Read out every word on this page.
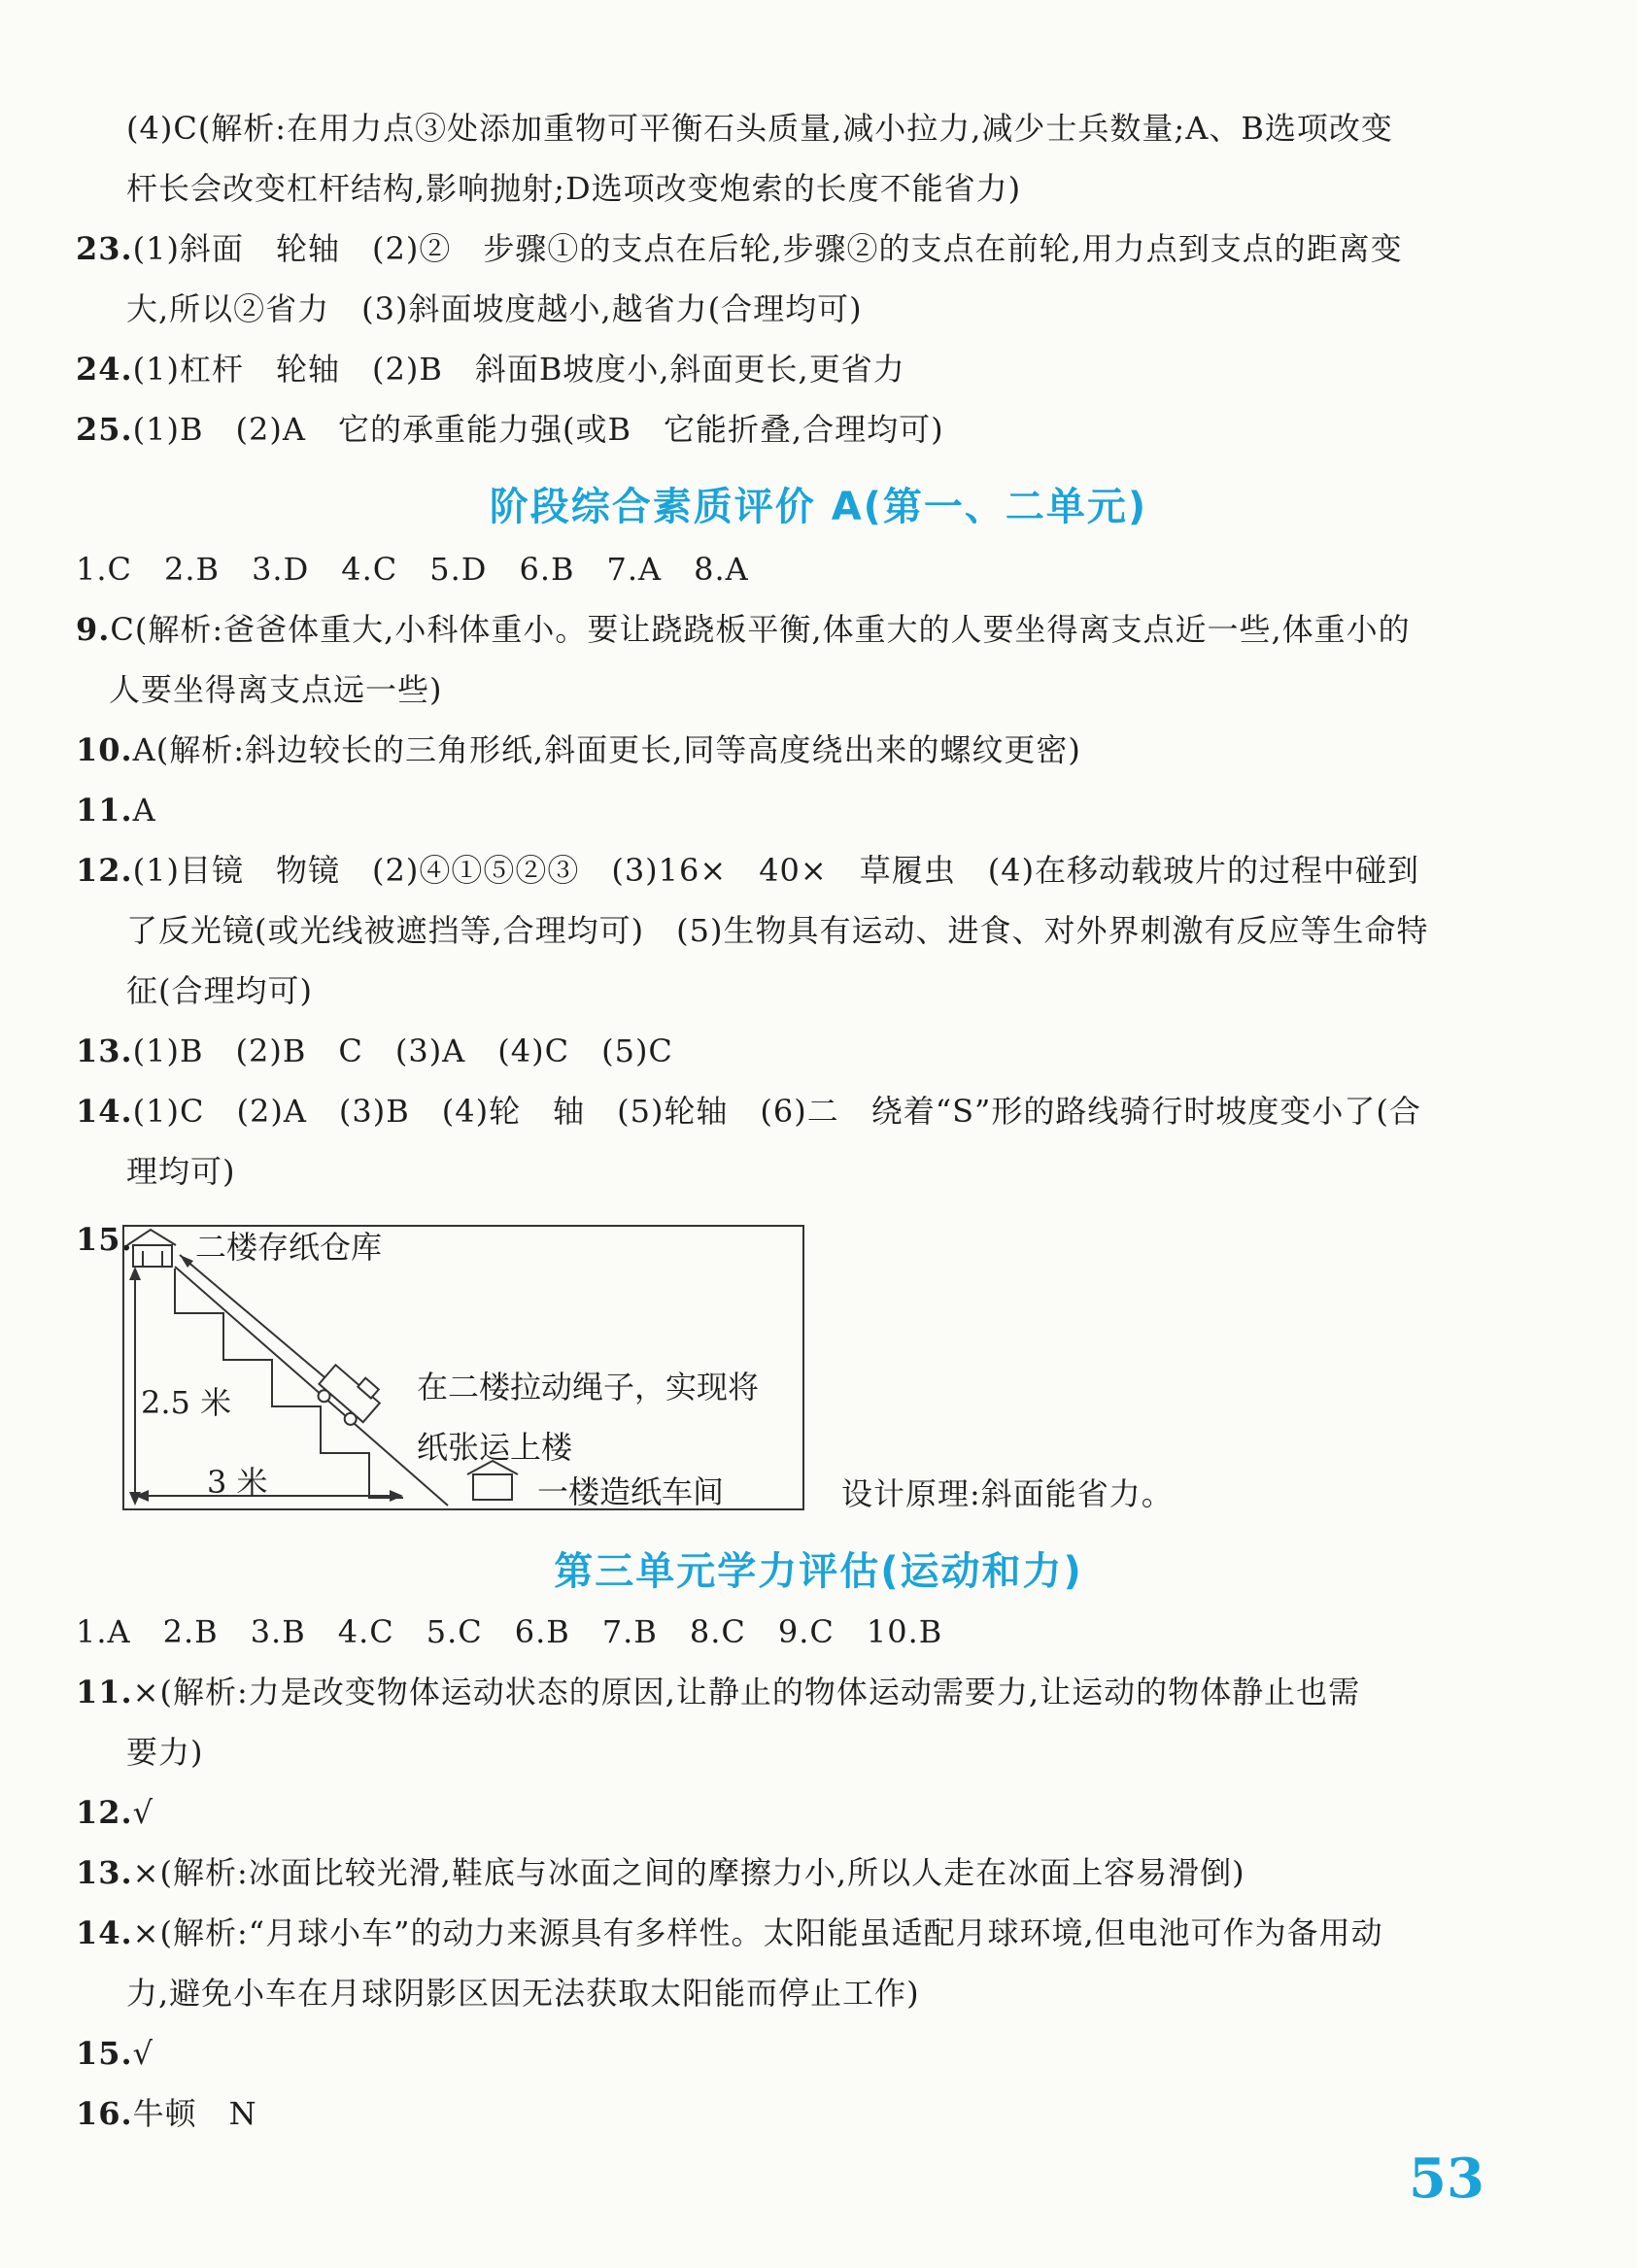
(4)C(解析:在用力点③处添加重物可平衡石头质量,减小拉力,减少士兵数量;A、B选项改变
杆长会改变杠杆结构,影响抛射;D选项改变炮索的长度不能省力)
23.(1)斜面　轮轴　(2)②　步骤①的支点在后轮,步骤②的支点在前轮,用力点到支点的距离变
大,所以②省力　(3)斜面坡度越小,越省力(合理均可)
24.(1)杠杆　轮轴　(2)B　斜面B坡度小,斜面更长,更省力
25.(1)B　(2)A　它的承重能力强(或B　它能折叠,合理均可)
阶段综合素质评价 A(第一、二单元)
1.C　2.B　3.D　4.C　5.D　6.B　7.A　8.A
9.C(解析:爸爸体重大,小科体重小。要让跷跷板平衡,体重大的人要坐得离支点近一些,体重小的
人要坐得离支点远一些)
10.A(解析:斜边较长的三角形纸,斜面更长,同等高度绕出来的螺纹更密)
11.A
12.(1)目镜　物镜　(2)④①⑤②③　(3)16×　40×　草履虫　(4)在移动载玻片的过程中碰到
了反光镜(或光线被遮挡等,合理均可)　(5)生物具有运动、进食、对外界刺激有反应等生命特
征(合理均可)
13.(1)B　(2)B　C　(3)A　(4)C　(5)C
14.(1)C　(2)A　(3)B　(4)轮　轴　(5)轮轴　(6)二　绕着“S”形的路线骑行时坡度变小了(合
理均可)
15. 二楼存纸仓库
2.5 米
3 米
在二楼拉动绳子，实现将
纸张运上楼
一楼造纸车间	设计原理:斜面能省力。
第三单元学力评估(运动和力)
1.A　2.B　3.B　4.C　5.C　6.B　7.B　8.C　9.C　10.B
11.×(解析:力是改变物体运动状态的原因,让静止的物体运动需要力,让运动的物体静止也需
要力)
12.√
13.×(解析:冰面比较光滑,鞋底与冰面之间的摩擦力小,所以人走在冰面上容易滑倒)
14.×(解析:“月球小车”的动力来源具有多样性。太阳能虽适配月球环境,但电池可作为备用动
力,避免小车在月球阴影区因无法获取太阳能而停止工作)
15.√
16.牛顿　N
53
